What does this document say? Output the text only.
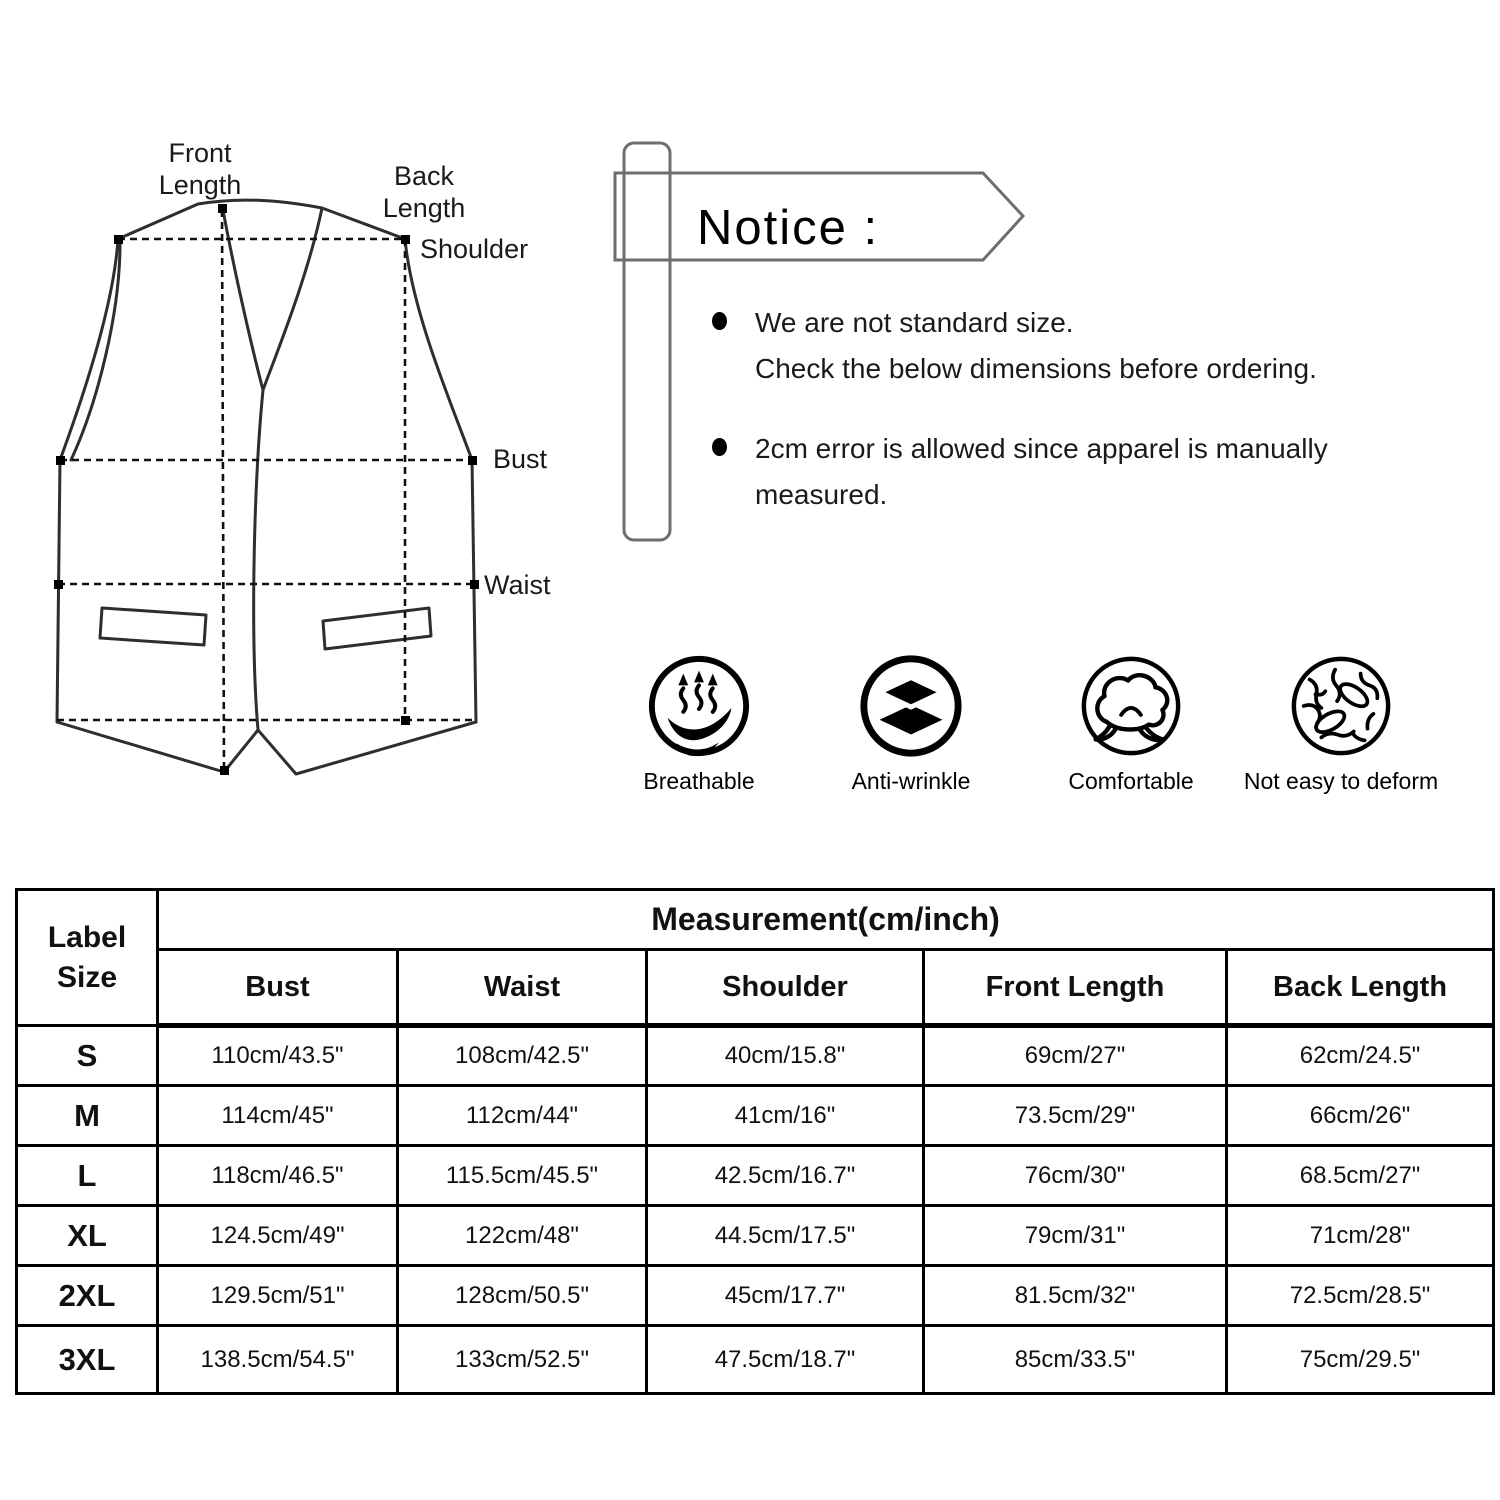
Front Length	Back Length
Shoulder
Bust
Waist
Notice :
We are not standard size.
Check the below dimensions before ordering.
2cm error is allowed since apparel is manually
measured.
Breathable	Anti-wrinkle	Comfortable	Not easy to deform
Label Size	Measurement(cm/inch)				
	Bust	Waist	Shoulder	Front Length	Back Length
S	110cm/43.5"	108cm/42.5"	40cm/15.8"	69cm/27"	62cm/24.5"
M	114cm/45"	112cm/44"	41cm/16"	73.5cm/29"	66cm/26"
L	118cm/46.5"	115.5cm/45.5"	42.5cm/16.7"	76cm/30"	68.5cm/27"
XL	124.5cm/49"	122cm/48"	44.5cm/17.5"	79cm/31"	71cm/28"
2XL	129.5cm/51"	128cm/50.5"	45cm/17.7"	81.5cm/32"	72.5cm/28.5"
3XL	138.5cm/54.5"	133cm/52.5"	47.5cm/18.7"	85cm/33.5"	75cm/29.5"
